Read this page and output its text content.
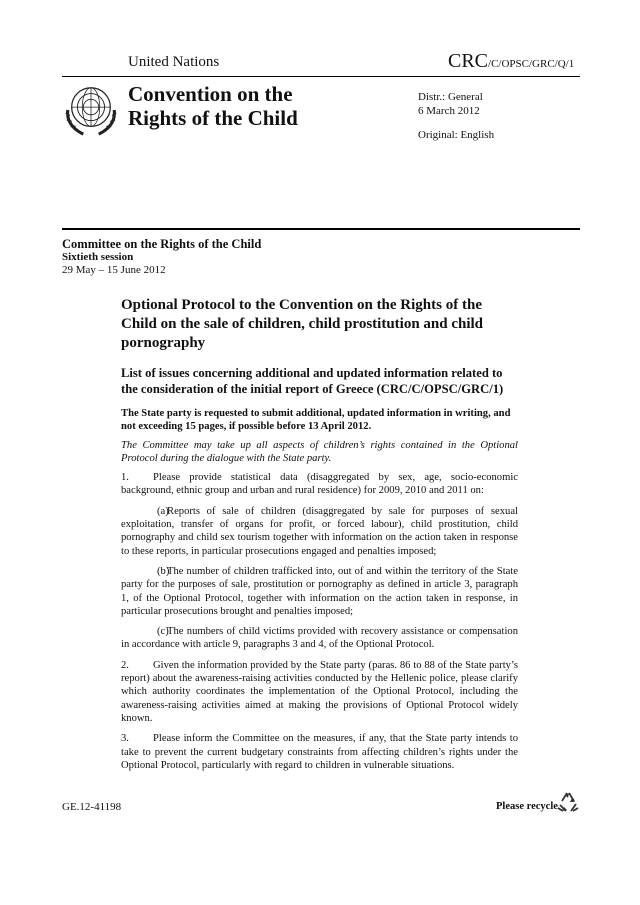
United Nations	CRC/C/OPSC/GRC/Q/1
Convention on the
Rights of the Child
Distr.: General
6 March 2012
Original: English
Committee on the Rights of the Child
Sixtieth session
29 May – 15 June 2012
Optional Protocol to the Convention on the Rights of the Child on the sale of children, child prostitution and child pornography
List of issues concerning additional and updated information related to the consideration of the initial report of Greece (CRC/C/OPSC/GRC/1)
The State party is requested to submit additional, updated information in writing, and not exceeding 15 pages, if possible before 13 April 2012.
The Committee may take up all aspects of children’s rights contained in the Optional Protocol during the dialogue with the State party.
1. Please provide statistical data (disaggregated by sex, age, socio-economic background, ethnic group and urban and rural residence) for 2009, 2010 and 2011 on:
(a)Reports of sale of children (disaggregated by sale for purposes of sexual exploitation, transfer of organs for profit, or forced labour), child prostitution, child pornography and child sex tourism together with information on the action taken in response to these reports, in particular prosecutions engaged and penalties imposed;
(b)The number of children trafficked into, out of and within the territory of the State party for the purposes of sale, prostitution or pornography as defined in article 3, paragraph 1, of the Optional Protocol, together with information on the action taken in response, in particular prosecutions brought and penalties imposed;
(c)The numbers of child victims provided with recovery assistance or compensation in accordance with article 9, paragraphs 3 and 4, of the Optional Protocol.
2. Given the information provided by the State party (paras. 86 to 88 of the State party’s report) about the awareness-raising activities conducted by the Hellenic police, please clarify which authority coordinates the implementation of the Optional Protocol, including the awareness-raising activities aimed at making the provisions of Optional Protocol widely known.
3. Please inform the Committee on the measures, if any, that the State party intends to take to prevent the current budgetary constraints from affecting children’s rights under the Optional Protocol, particularly with regard to children in vulnerable situations.
GE.12-41198	Please recycle
